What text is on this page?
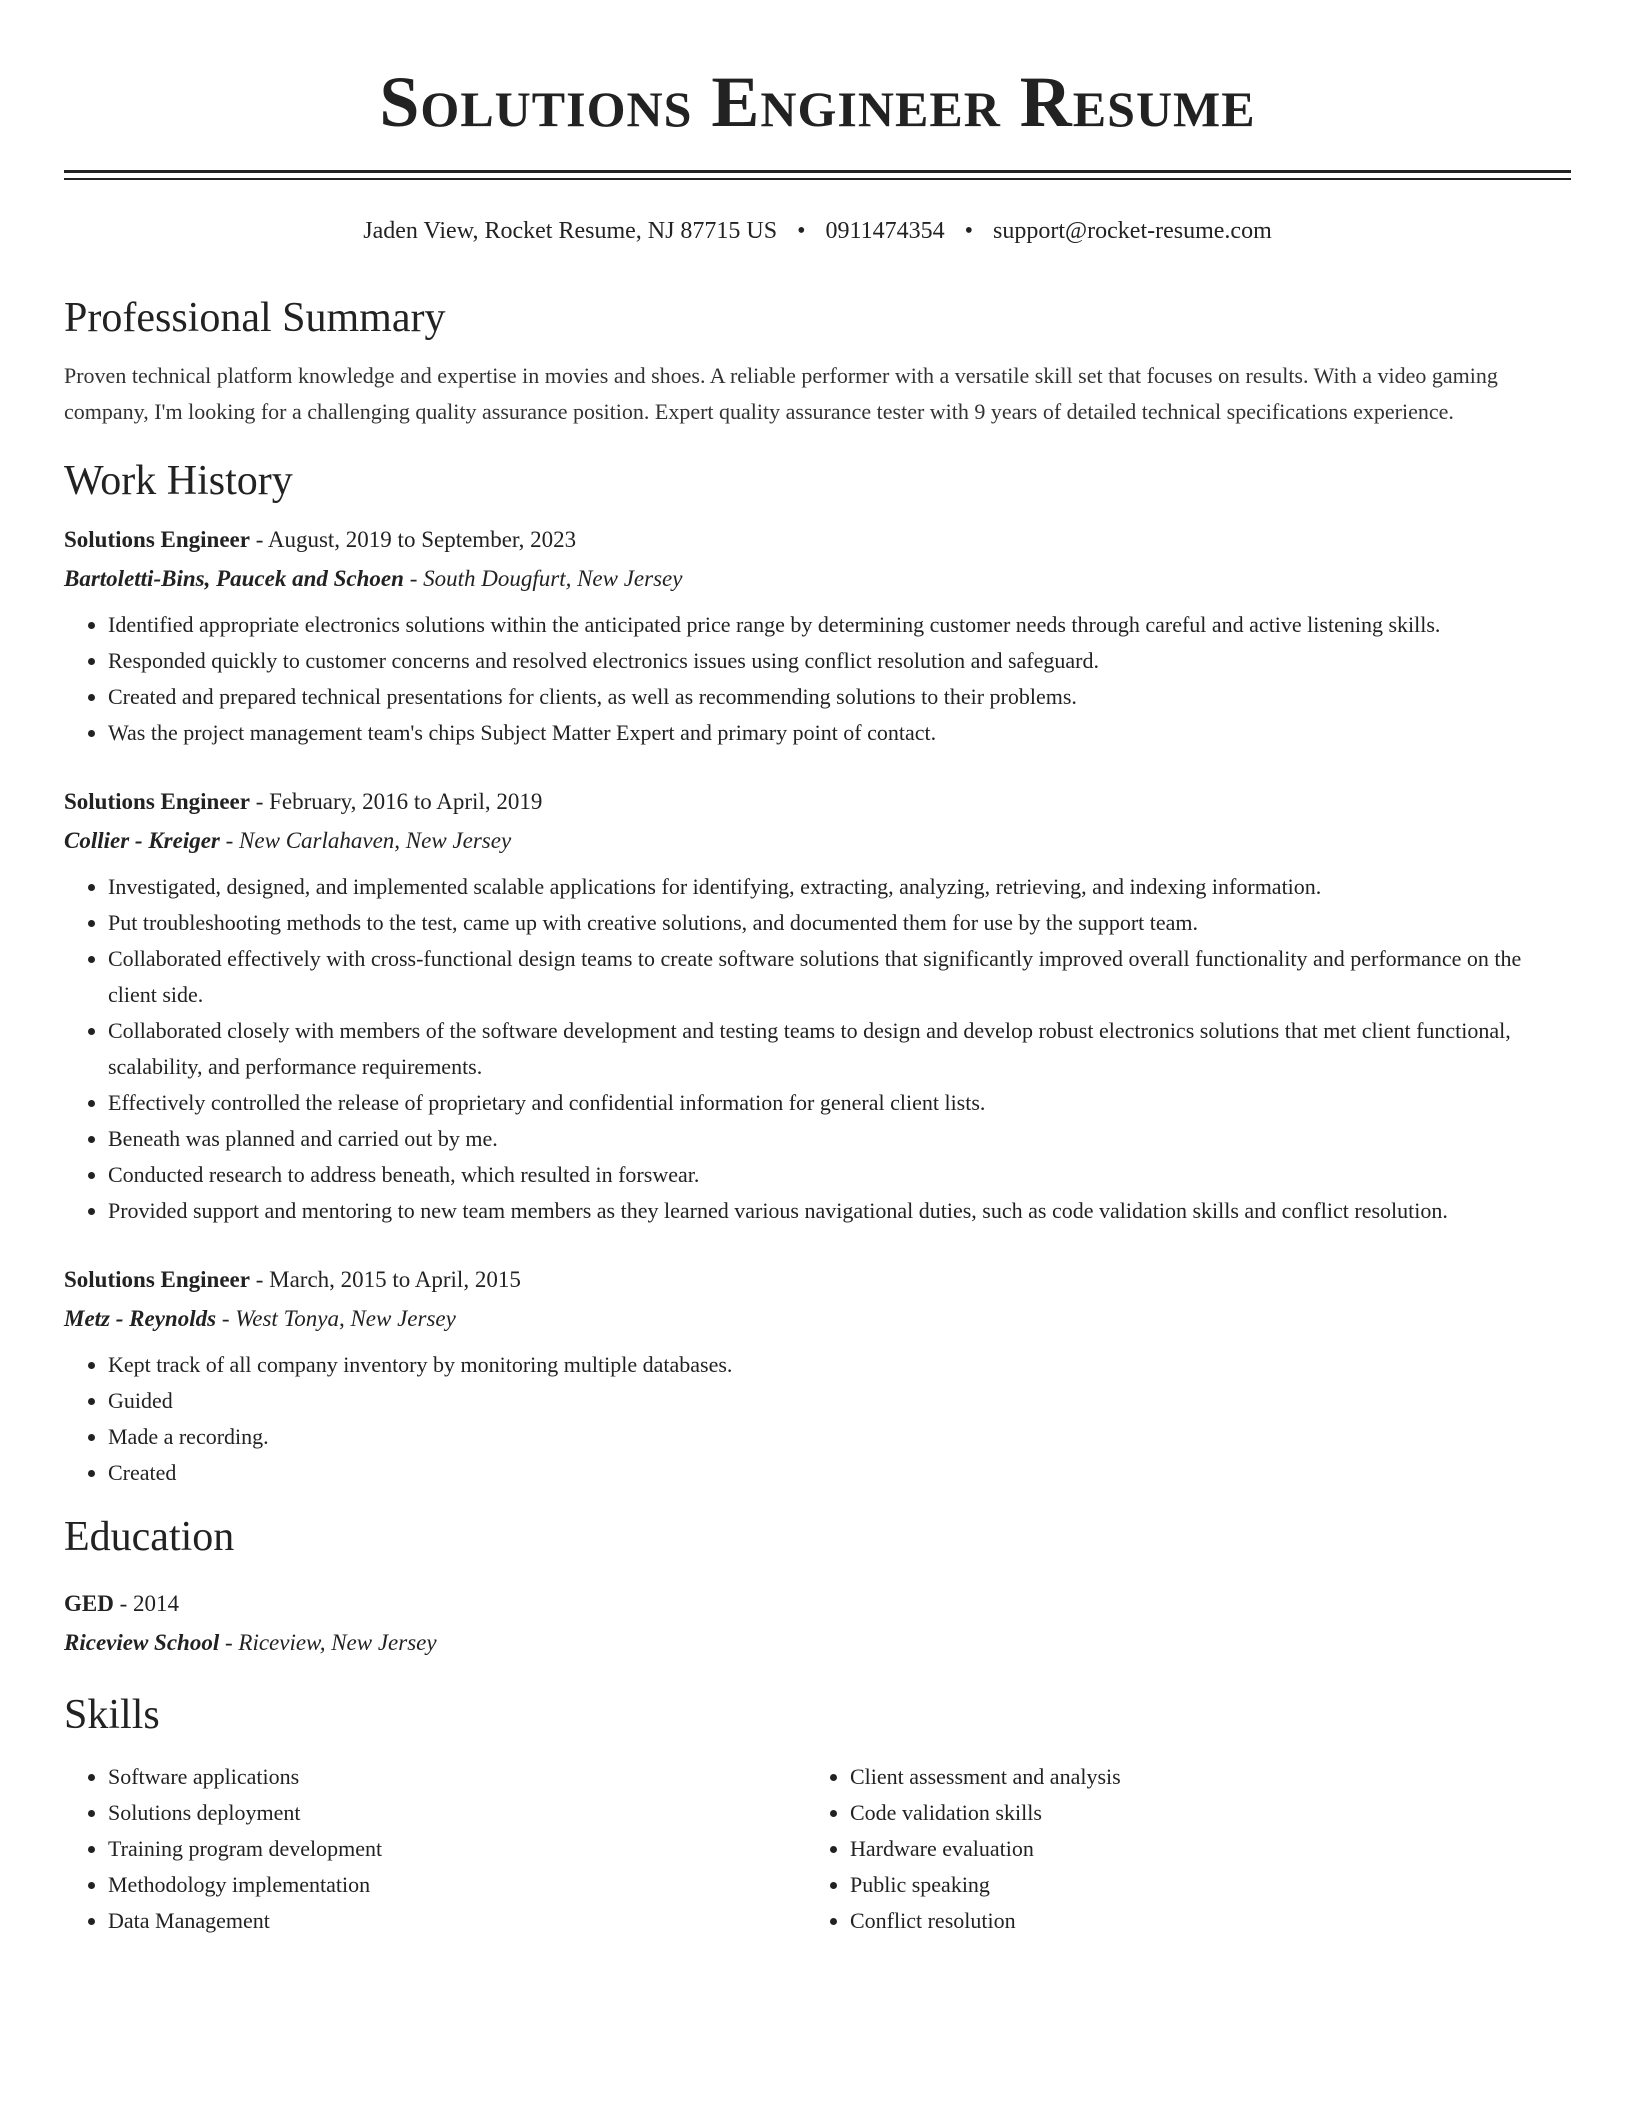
Solutions Engineer Resume
Jaden View, Rocket Resume, NJ 87715 US • 0911474354 • support@rocket-resume.com
Professional Summary

Proven technical platform knowledge and expertise in movies and shoes. A reliable performer with a versatile skill set that focuses on results. With a video gaming company, I'm looking for a challenging quality assurance position. Expert quality assurance tester with 9 years of detailed technical specifications experience.

Work History

Solutions Engineer - August, 2019 to September, 2023

Bartoletti-Bins, Paucek and Schoen - South Dougfurt, New Jersey

• Identified appropriate electronics solutions within the anticipated price range by determining customer needs through careful and active listening skills.
• Responded quickly to customer concerns and resolved electronics issues using conflict resolution and safeguard.
• Created and prepared technical presentations for clients, as well as recommending solutions to their problems.
• Was the project management team's chips Subject Matter Expert and primary point of contact.

Solutions Engineer - February, 2016 to April, 2019

Collier - Kreiger - New Carlahaven, New Jersey

• Investigated, designed, and implemented scalable applications for identifying, extracting, analyzing, retrieving, and indexing information.
• Put troubleshooting methods to the test, came up with creative solutions, and documented them for use by the support team.
• Collaborated effectively with cross-functional design teams to create software solutions that significantly improved overall functionality and performance on the client side.
• Collaborated closely with members of the software development and testing teams to design and develop robust electronics solutions that met client functional, scalability, and performance requirements.
• Effectively controlled the release of proprietary and confidential information for general client lists.
• Beneath was planned and carried out by me.
• Conducted research to address beneath, which resulted in forswear.
• Provided support and mentoring to new team members as they learned various navigational duties, such as code validation skills and conflict resolution.

Solutions Engineer - March, 2015 to April, 2015

Metz - Reynolds - West Tonya, New Jersey

• Kept track of all company inventory by monitoring multiple databases.
• Guided
• Made a recording.
• Created
Education

GED - 2014

Riceview School - Riceview, New Jersey

Skills
• Software applications
• Solutions deployment
• Training program development
• Methodology implementation
• Data Management
• Client assessment and analysis
• Code validation skills
• Hardware evaluation
• Public speaking
• Conflict resolution
